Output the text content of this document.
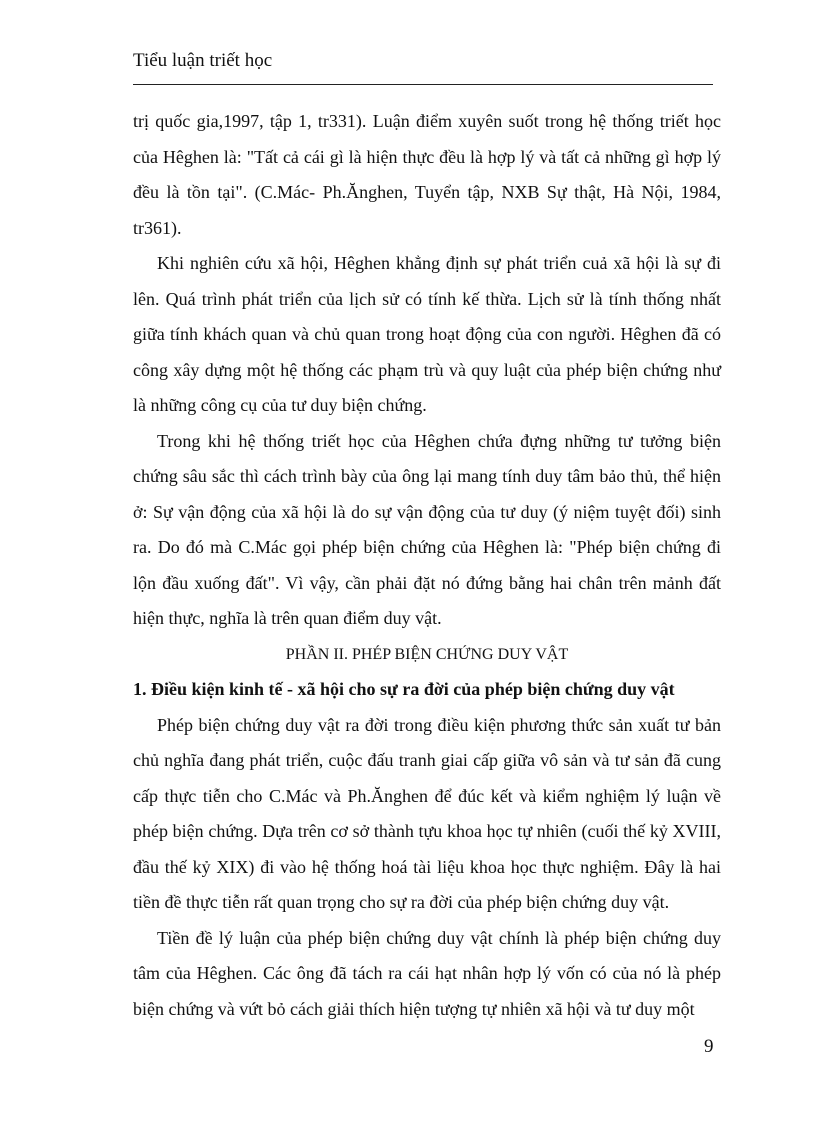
Tiểu luận triết học

trị quốc gia,1997, tập 1, tr331). Luận điểm xuyên suốt trong hệ thống triết học của Hêghen là: "Tất cả cái gì là hiện thực đều là hợp lý và tất cả những gì hợp lý đều là tồn tại". (C.Mác- Ph.Ănghen, Tuyển tập, NXB Sự thật, Hà Nội, 1984, tr361).

Khi nghiên cứu xã hội, Hêghen khẳng định sự phát triển cuả xã hội là sự đi lên. Quá trình phát triển của lịch sử có tính kế thừa. Lịch sử là tính thống nhất giữa tính khách quan và chủ quan trong hoạt động của con người. Hêghen đã có công xây dựng một hệ thống các phạm trù và quy luật của phép biện chứng như là những công cụ của tư duy biện chứng.

Trong khi hệ thống triết học của Hêghen chứa đựng những tư tưởng biện chứng sâu sắc thì cách trình bày của ông lại mang tính duy tâm bảo thủ, thể hiện ở: Sự vận động của xã hội là do sự vận động của tư duy (ý niệm tuyệt đối) sinh ra. Do đó mà C.Mác gọi phép biện chứng của Hêghen là: "Phép biện chứng đi lộn đầu xuống đất". Vì vậy, cần phải đặt nó đứng bằng hai chân trên mảnh đất hiện thực, nghĩa là trên quan điểm duy vật.

PHẦN II. PHÉP BIỆN CHỨNG DUY VẬT

1. Điều kiện kinh tế - xã hội cho sự ra đời của phép biện chứng duy vật

Phép biện chứng duy vật ra đời trong điều kiện phương thức sản xuất tư bản chủ nghĩa đang phát triển, cuộc đấu tranh giai cấp giữa vô sản và tư sản đã cung cấp thực tiễn cho C.Mác và Ph.Ănghen để đúc kết và kiểm nghiệm lý luận về phép biện chứng. Dựa trên cơ sở thành tựu khoa học tự nhiên (cuối thế kỷ XVIII, đầu thế kỷ XIX) đi vào hệ thống hoá tài liệu khoa học thực nghiệm. Đây là hai tiền đề thực tiễn rất quan trọng cho sự ra đời của phép biện chứng duy vật.

Tiền đề lý luận của phép biện chứng duy vật chính là phép biện chứng duy tâm của Hêghen. Các ông đã tách ra cái hạt nhân hợp lý vốn có của nó là phép biện chứng và vứt bỏ cách giải thích hiện tượng tự nhiên xã hội và tư duy một

9
